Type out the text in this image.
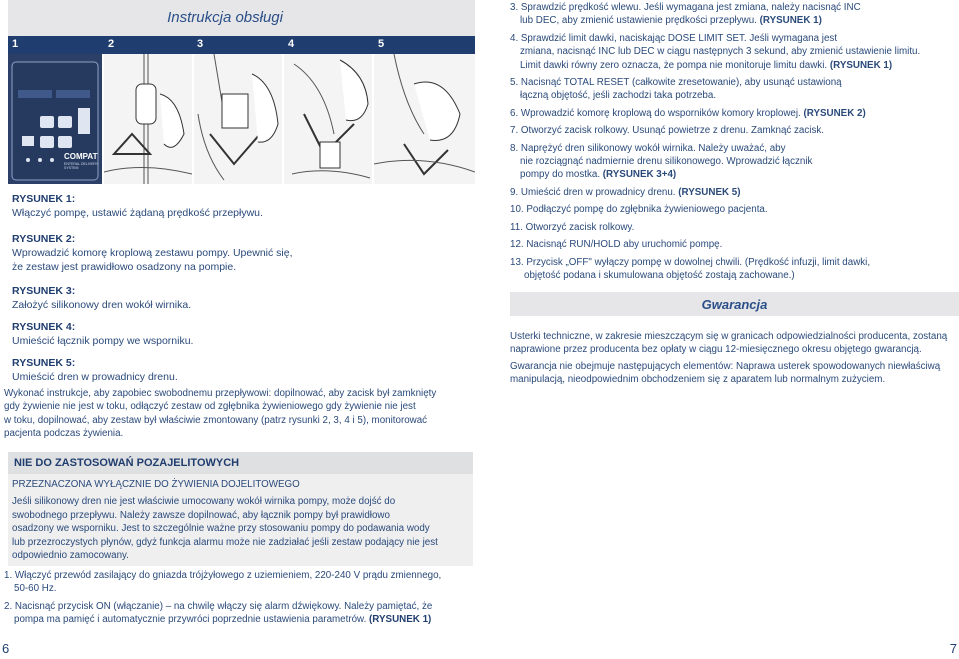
Instrukcja obsługi
1	2	3	4	5
COMPAT
ENTERAL DELIVERY SYSTEM
RYSUNEK 1:
Włączyć pompę, ustawić żądaną prędkość przepływu.
RYSUNEK 2:
Wprowadzić komorę kroplową zestawu pompy. Upewnić się,
że zestaw jest prawidłowo osadzony na pompie.
RYSUNEK 3:
Założyć silikonowy dren wokół wirnika.
RYSUNEK 4:
Umieścić łącznik pompy we wsporniku.
RYSUNEK 5:
Umieścić dren w prowadnicy drenu.
Wykonać instrukcje, aby zapobiec swobodnemu przepływowi: dopilnować, aby zacisk był zamknięty
gdy żywienie nie jest w toku, odłączyć zestaw od zgłębnika żywieniowego gdy żywienie nie jest
w toku, dopilnować, aby zestaw był właściwie zmontowany (patrz rysunki 2, 3, 4 i 5), monitorować
pacjenta podczas żywienia.
NIE DO ZASTOSOWAŃ POZAJELITOWYCH
PRZEZNACZONA WYŁĄCZNIE DO ŻYWIENIA DOJELITOWEGO
Jeśli silikonowy dren nie jest właściwie umocowany wokół wirnika pompy, może dojść do
swobodnego przepływu. Należy zawsze dopilnować, aby łącznik pompy był prawidłowo
osadzony we wsporniku. Jest to szczególnie ważne przy stosowaniu pompy do podawania wody
lub przezroczystych płynów, gdyż funkcja alarmu może nie zadziałać jeśli zestaw podający nie jest
odpowiednio zamocowany.
1. Włączyć przewód zasilający do gniazda trójżyłowego z uziemieniem, 220-240 V prądu zmiennego,
50-60 Hz.
2. Nacisnąć przycisk ON (włączanie) – na chwilę włączy się alarm dźwiękowy. Należy pamiętać, że
pompa ma pamięć i automatycznie przywróci poprzednie ustawienia parametrów. (RYSUNEK 1)
6
3. Sprawdzić prędkość wlewu. Jeśli wymagana jest zmiana, należy nacisnąć INC
lub DEC, aby zmienić ustawienie prędkości przepływu. (RYSUNEK 1)
4. Sprawdzić limit dawki, naciskając DOSE LIMIT SET. Jeśli wymagana jest
zmiana, nacisnąć INC lub DEC w ciągu następnych 3 sekund, aby zmienić ustawienie limitu.
Limit dawki równy zero oznacza, że pompa nie monitoruje limitu dawki. (RYSUNEK 1)
5. Nacisnąć TOTAL RESET (całkowite zresetowanie), aby usunąć ustawioną
łączną objętość, jeśli zachodzi taka potrzeba.
6. Wprowadzić komorę kroplową do wsporników komory kroplowej. (RYSUNEK 2)
7. Otworzyć zacisk rolkowy. Usunąć powietrze z drenu. Zamknąć zacisk.
8. Naprężyć dren silikonowy wokół wirnika. Należy uważać, aby
nie rozciągnąć nadmiernie drenu silikonowego. Wprowadzić łącznik
pompy do mostka. (RYSUNEK 3+4)
9. Umieścić dren w prowadnicy drenu. (RYSUNEK 5)
10. Podłączyć pompę do zgłębnika żywieniowego pacjenta.
11. Otworzyć zacisk rolkowy.
12. Nacisnąć RUN/HOLD aby uruchomić pompę.
13. Przycisk „OFF" wyłączy pompę w dowolnej chwili. (Prędkość infuzji, limit dawki,
objętość podana i skumulowana objętość zostają zachowane.)
Gwarancja
Usterki techniczne, w zakresie mieszczącym się w granicach odpowiedzialności producenta, zostaną
naprawione przez producenta bez opłaty w ciągu 12-miesięcznego okresu objętego gwarancją.
Gwarancja nie obejmuje następujących elementów: Naprawa usterek spowodowanych niewłaściwą
manipulacją, nieodpowiednim obchodzeniem się z aparatem lub normalnym zużyciem.
7
